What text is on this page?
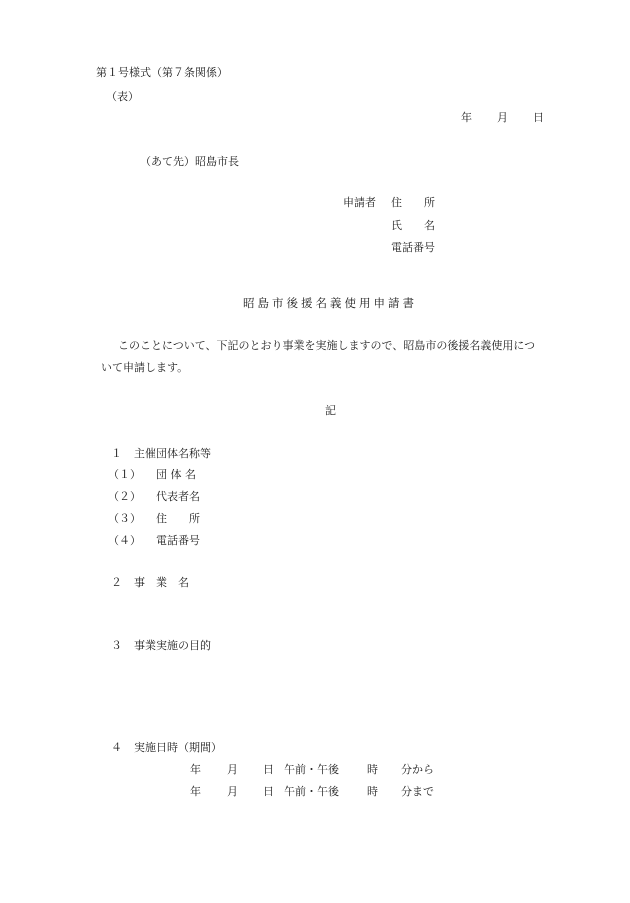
第１号様式（第７条関係）
（表）
年 月 日
（あて先）昭島市長
申請者 住　　所
氏　　名
電話番号
昭島市後援名義使用申請書
このことについて、下記のとおり事業を実施しますので、昭島市の後援名義使用につ
いて申請します。
記
１ 主催団体名称等
（１） 団 体 名
（２） 代表者名
（３） 住　　所
（４） 電話番号
２ 事　業　名
３ 事業実施の目的
４ 実施日時（期間）
年 月 日 午前・午後	時 分から
年 月 日 午前・午後	時 分まで
